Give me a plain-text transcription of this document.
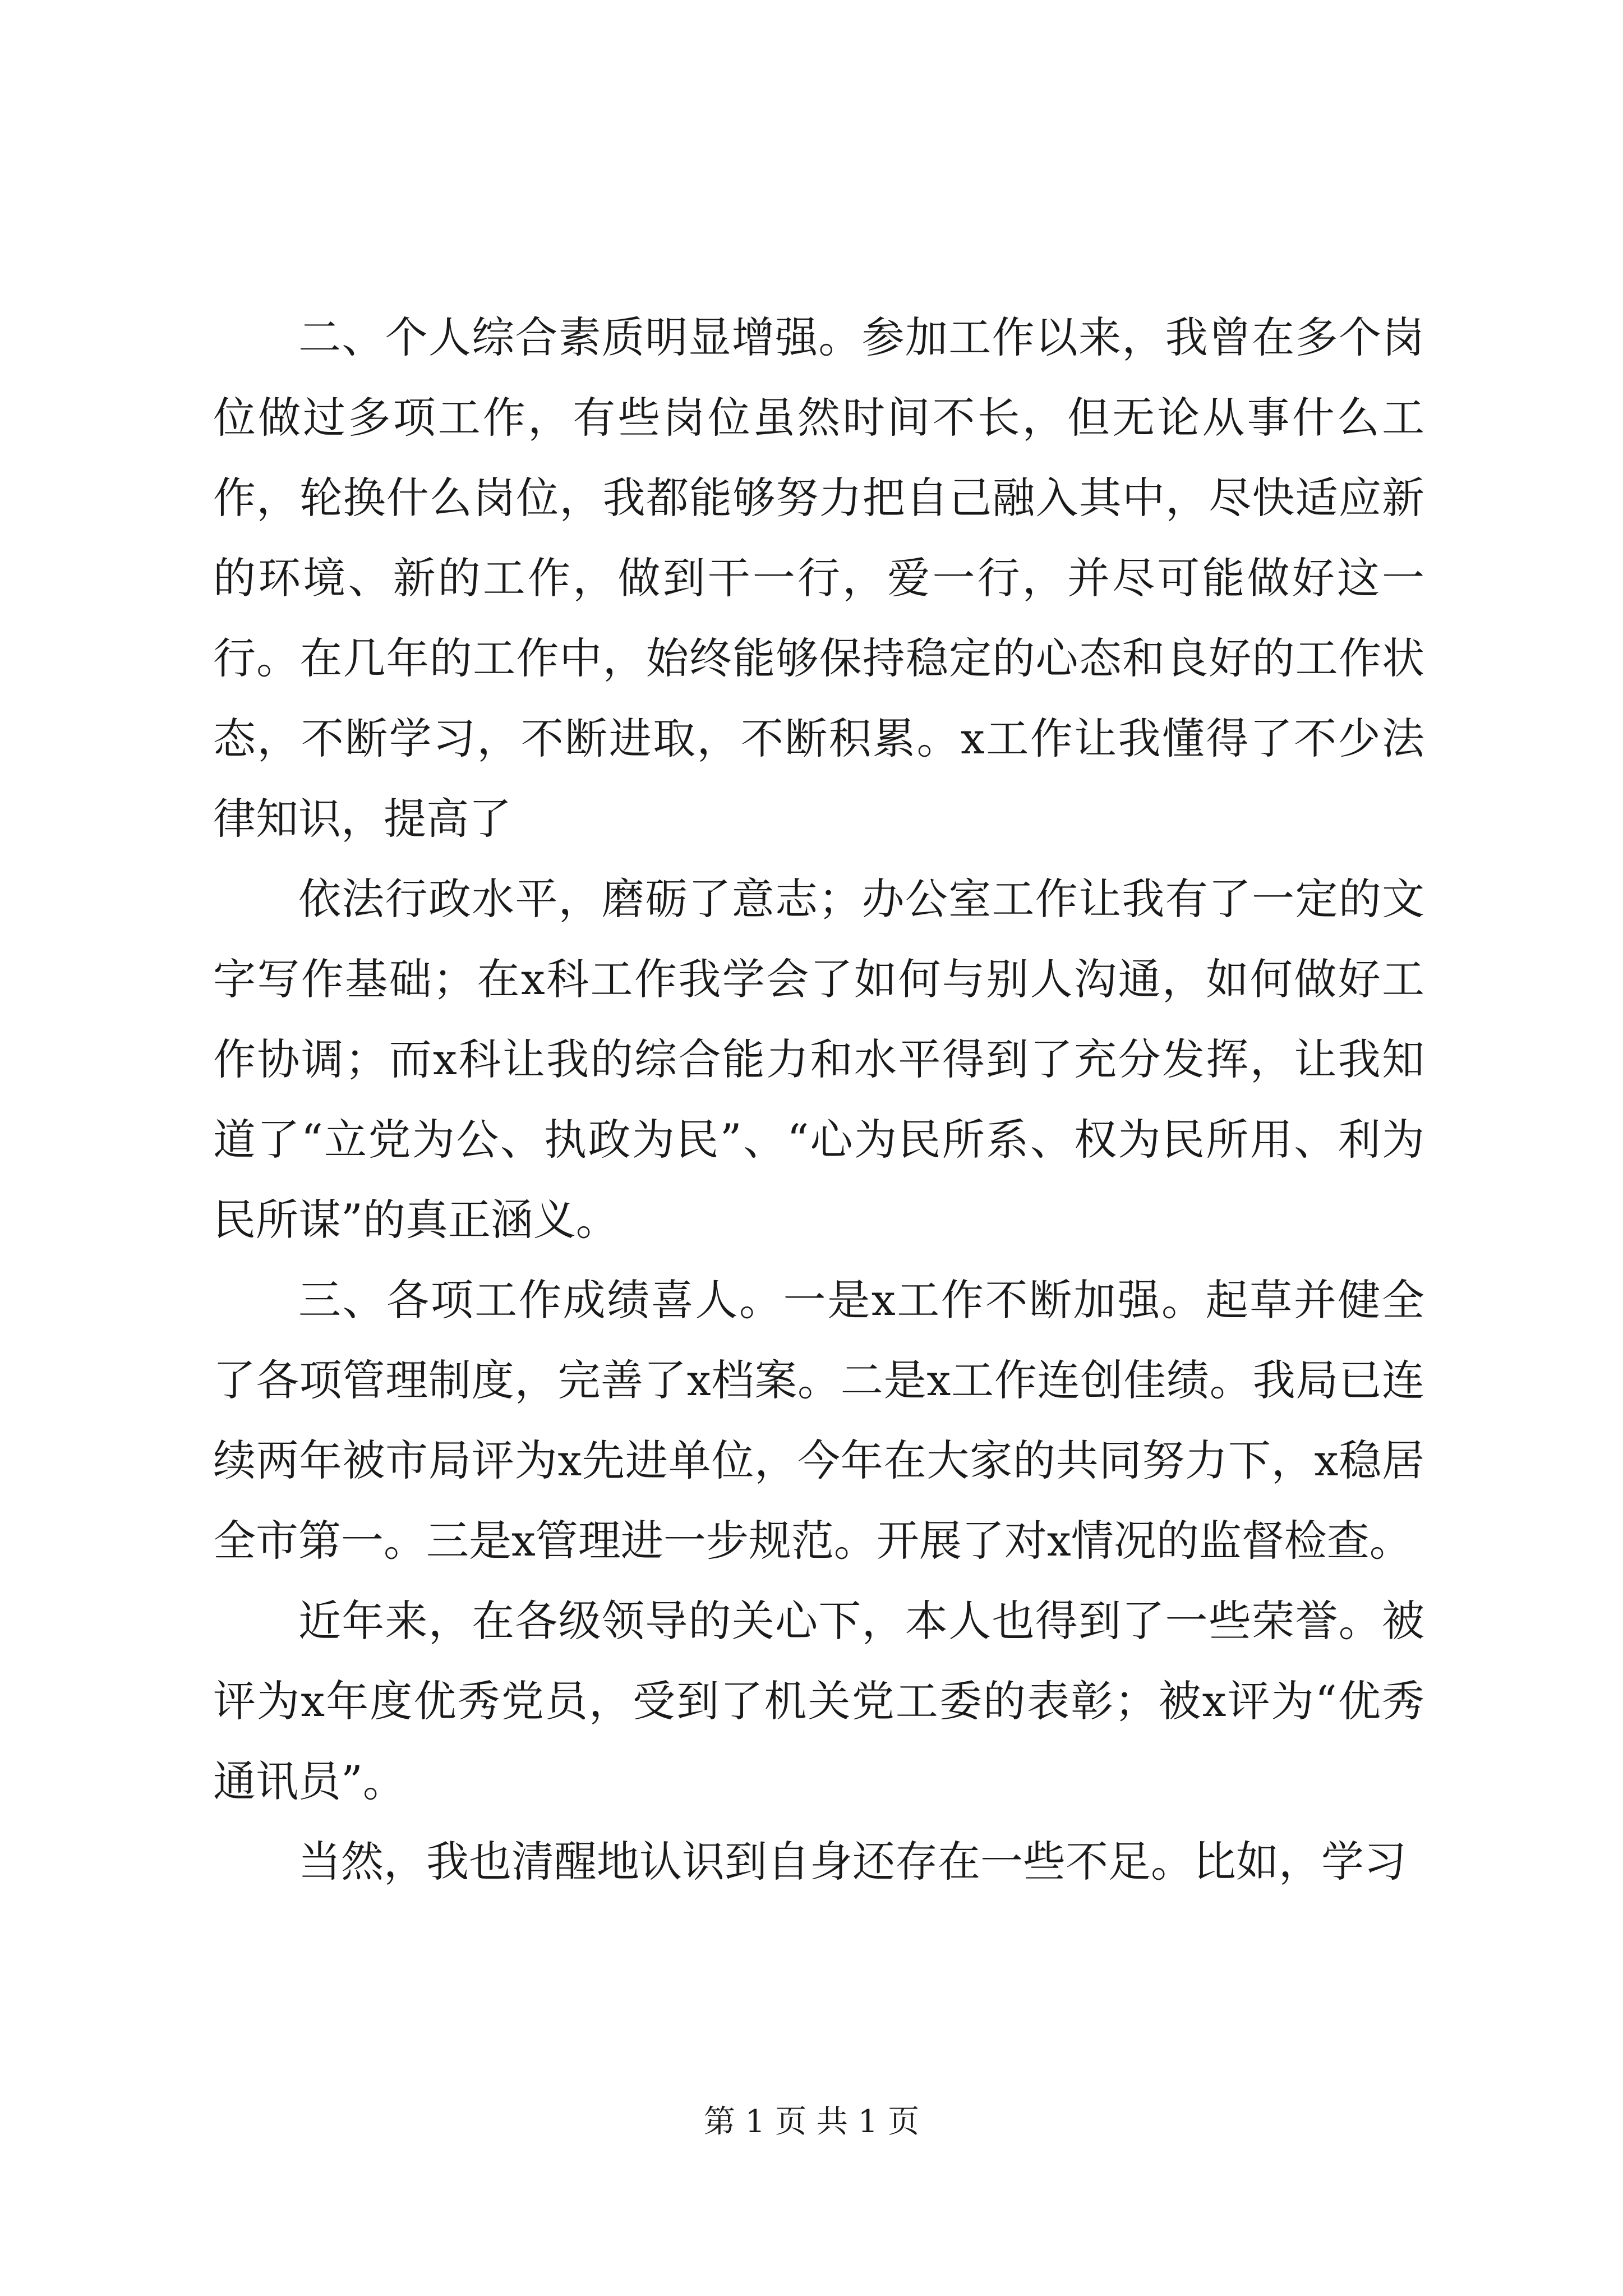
二、个人综合素质明显增强。参加工作以来，我曾在多个岗位做过多项工作，有些岗位虽然时间不长，但无论从事什么工作，轮换什么岗位，我都能够努力把自己融入其中，尽快适应新的环境、新的工作，做到干一行，爱一行，并尽可能做好这一行。在几年的工作中，始终能够保持稳定的心态和良好的工作状态，不断学习，不断进取，不断积累。x工作让我懂得了不少法律知识，提高了

依法行政水平，磨砺了意志；办公室工作让我有了一定的文字写作基础；在x科工作我学会了如何与别人沟通，如何做好工作协调；而x科让我的综合能力和水平得到了充分发挥，让我知道了“立党为公、执政为民”、“心为民所系、权为民所用、利为民所谋”的真正涵义。

三、各项工作成绩喜人。一是x工作不断加强。起草并健全了各项管理制度，完善了x档案。二是x工作连创佳绩。我局已连续两年被市局评为x先进单位，今年在大家的共同努力下，x稳居全市第一。三是x管理进一步规范。开展了对x情况的监督检查。

近年来，在各级领导的关心下，本人也得到了一些荣誉。被评为x年度优秀党员，受到了机关党工委的表彰；被x评为“优秀通讯员”。

当然，我也清醒地认识到自身还存在一些不足。比如，学习

第 1 页 共 1 页
